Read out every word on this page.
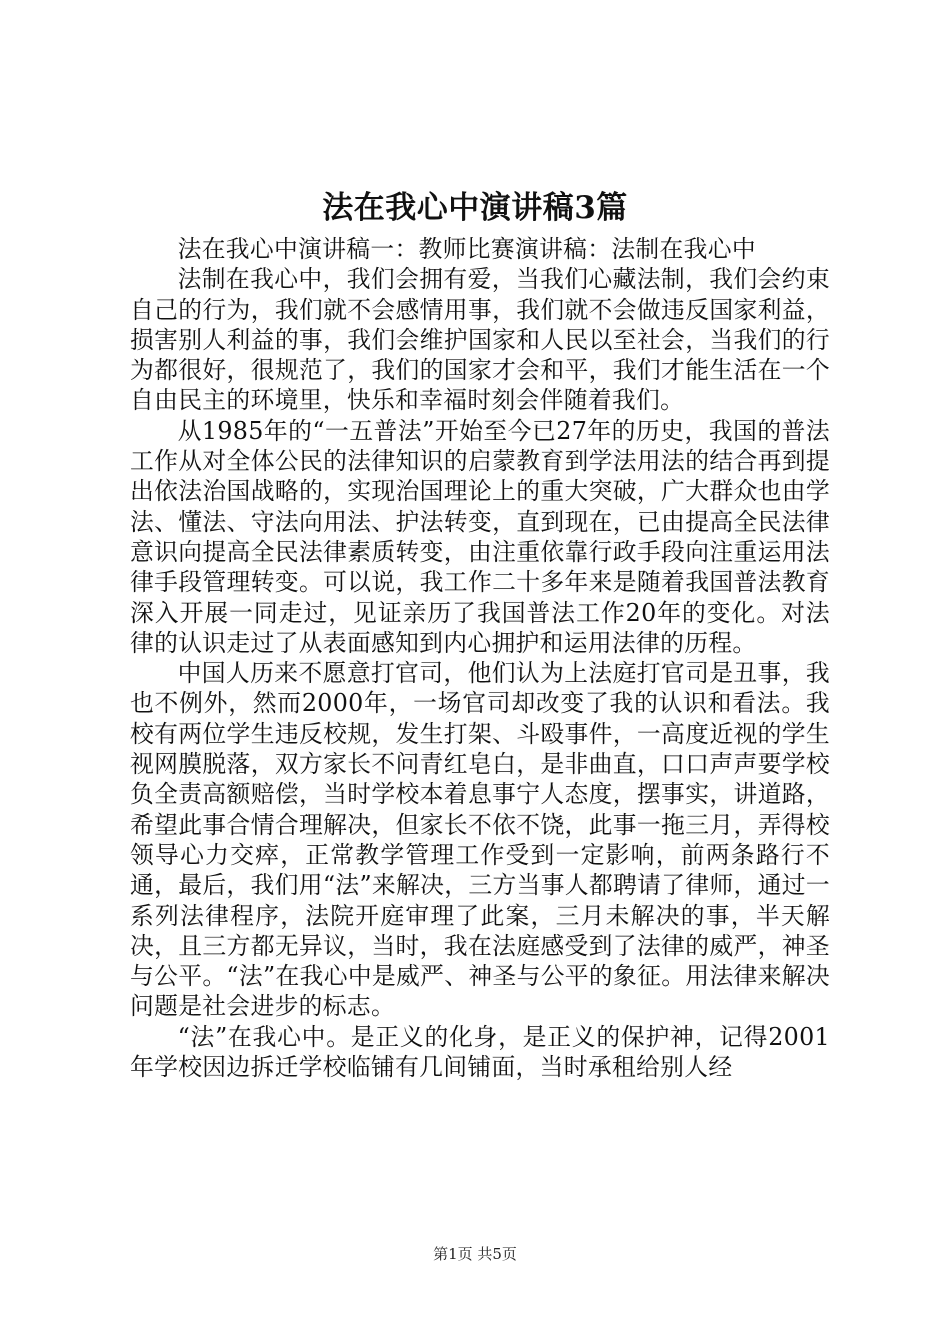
法在我心中演讲稿3篇

法在我心中演讲稿一：教师比赛演讲稿：法制在我心中

法制在我心中，我们会拥有爱，当我们心藏法制，我们会约束自己的行为，我们就不会感情用事，我们就不会做违反国家利益，损害别人利益的事，我们会维护国家和人民以至社会，当我们的行为都很好，很规范了，我们的国家才会和平，我们才能生活在一个自由民主的环境里，快乐和幸福时刻会伴随着我们。

从1985年的“一五普法”开始至今已27年的历史，我国的普法工作从对全体公民的法律知识的启蒙教育到学法用法的结合再到提出依法治国战略的，实现治国理论上的重大突破，广大群众也由学法、懂法、守法向用法、护法转变，直到现在，已由提高全民法律意识向提高全民法律素质转变，由注重依靠行政手段向注重运用法律手段管理转变。可以说，我工作二十多年来是随着我国普法教育深入开展一同走过，见证亲历了我国普法工作20年的变化。对法律的认识走过了从表面感知到内心拥护和运用法律的历程。

中国人历来不愿意打官司，他们认为上法庭打官司是丑事，我也不例外，然而2000年，一场官司却改变了我的认识和看法。我校有两位学生违反校规，发生打架、斗殴事件，一高度近视的学生视网膜脱落，双方家长不问青红皂白，是非曲直，口口声声要学校负全责高额赔偿，当时学校本着息事宁人态度，摆事实，讲道路，希望此事合情合理解决，但家长不依不饶，此事一拖三月，弄得校领导心力交瘁，正常教学管理工作受到一定影响，前两条路行不通，最后，我们用“法”来解决，三方当事人都聘请了律师，通过一系列法律程序，法院开庭审理了此案，三月未解决的事，半天解决，且三方都无异议，当时，我在法庭感受到了法律的威严，神圣与公平。“法”在我心中是威严、神圣与公平的象征。用法律来解决问题是社会进步的标志。

“法”在我心中。是正义的化身，是正义的保护神，记得2001年学校因边拆迁学校临铺有几间铺面，当时承租给别人经

第1页 共5页
